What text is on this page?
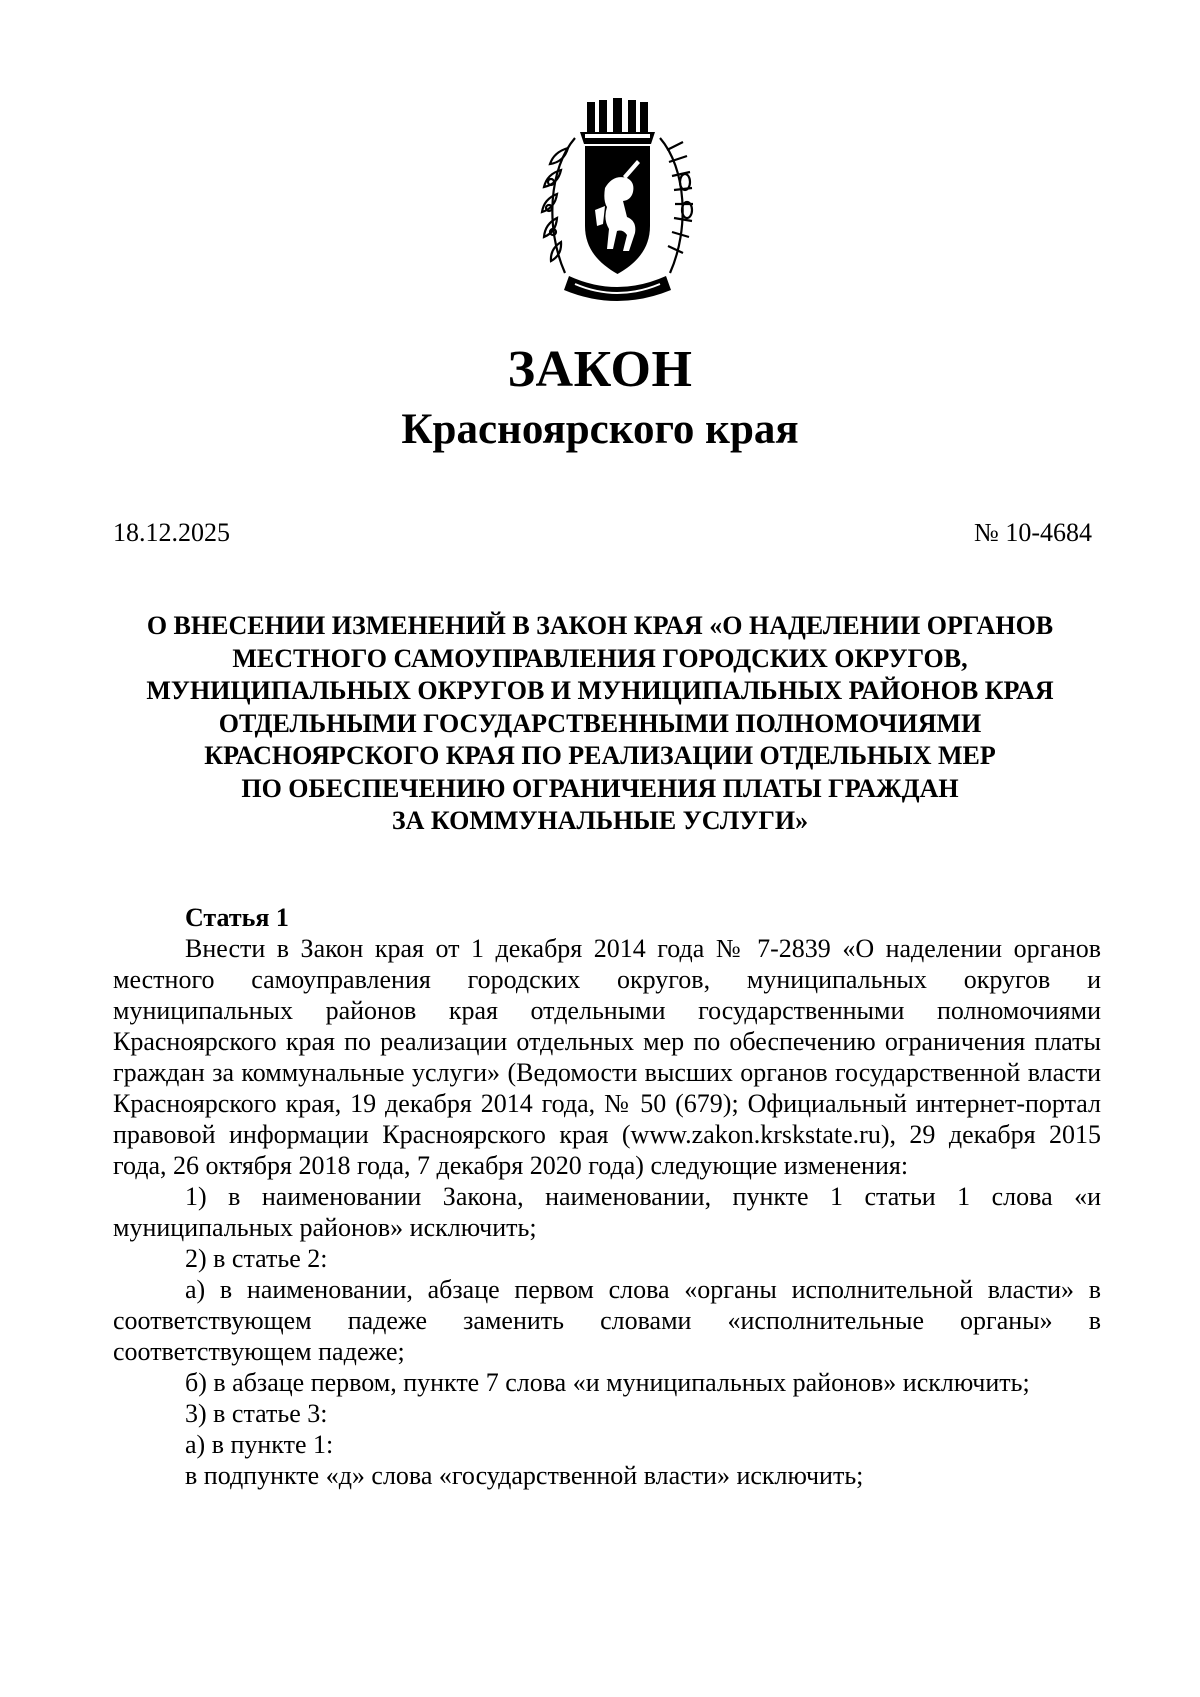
ЗАКОН
Красноярского края
18.12.2025	№ 10-4684
О ВНЕСЕНИИ ИЗМЕНЕНИЙ В ЗАКОН КРАЯ «О НАДЕЛЕНИИ ОРГАНОВ
МЕСТНОГО САМОУПРАВЛЕНИЯ ГОРОДСКИХ ОКРУГОВ,
МУНИЦИПАЛЬНЫХ ОКРУГОВ И МУНИЦИПАЛЬНЫХ РАЙОНОВ КРАЯ
ОТДЕЛЬНЫМИ ГОСУДАРСТВЕННЫМИ ПОЛНОМОЧИЯМИ
КРАСНОЯРСКОГО КРАЯ ПО РЕАЛИЗАЦИИ ОТДЕЛЬНЫХ МЕР
ПО ОБЕСПЕЧЕНИЮ ОГРАНИЧЕНИЯ ПЛАТЫ ГРАЖДАН
ЗА КОММУНАЛЬНЫЕ УСЛУГИ»

Статья 1

Внести в Закон края от 1 декабря 2014 года № 7-2839 «О наделении органов местного самоуправления городских округов, муниципальных округов и муниципальных районов края отдельными государственными полномочиями Красноярского края по реализации отдельных мер по обеспечению ограничения платы граждан за коммунальные услуги» (Ведомости высших органов государственной власти Красноярского края, 19 декабря 2014 года, № 50 (679); Официальный интернет-портал правовой информации Красноярского края (www.zakon.krskstate.ru), 29 декабря 2015 года, 26 октября 2018 года, 7 декабря 2020 года) следующие изменения:

1) в наименовании Закона, наименовании, пункте 1 статьи 1 слова «и муниципальных районов» исключить;

2) в статье 2:

а) в наименовании, абзаце первом слова «органы исполнительной власти» в соответствующем падеже заменить словами «исполнительные органы» в соответствующем падеже;

б) в абзаце первом, пункте 7 слова «и муниципальных районов» исключить;

3) в статье 3:

а) в пункте 1:

в подпункте «д» слова «государственной власти» исключить;
